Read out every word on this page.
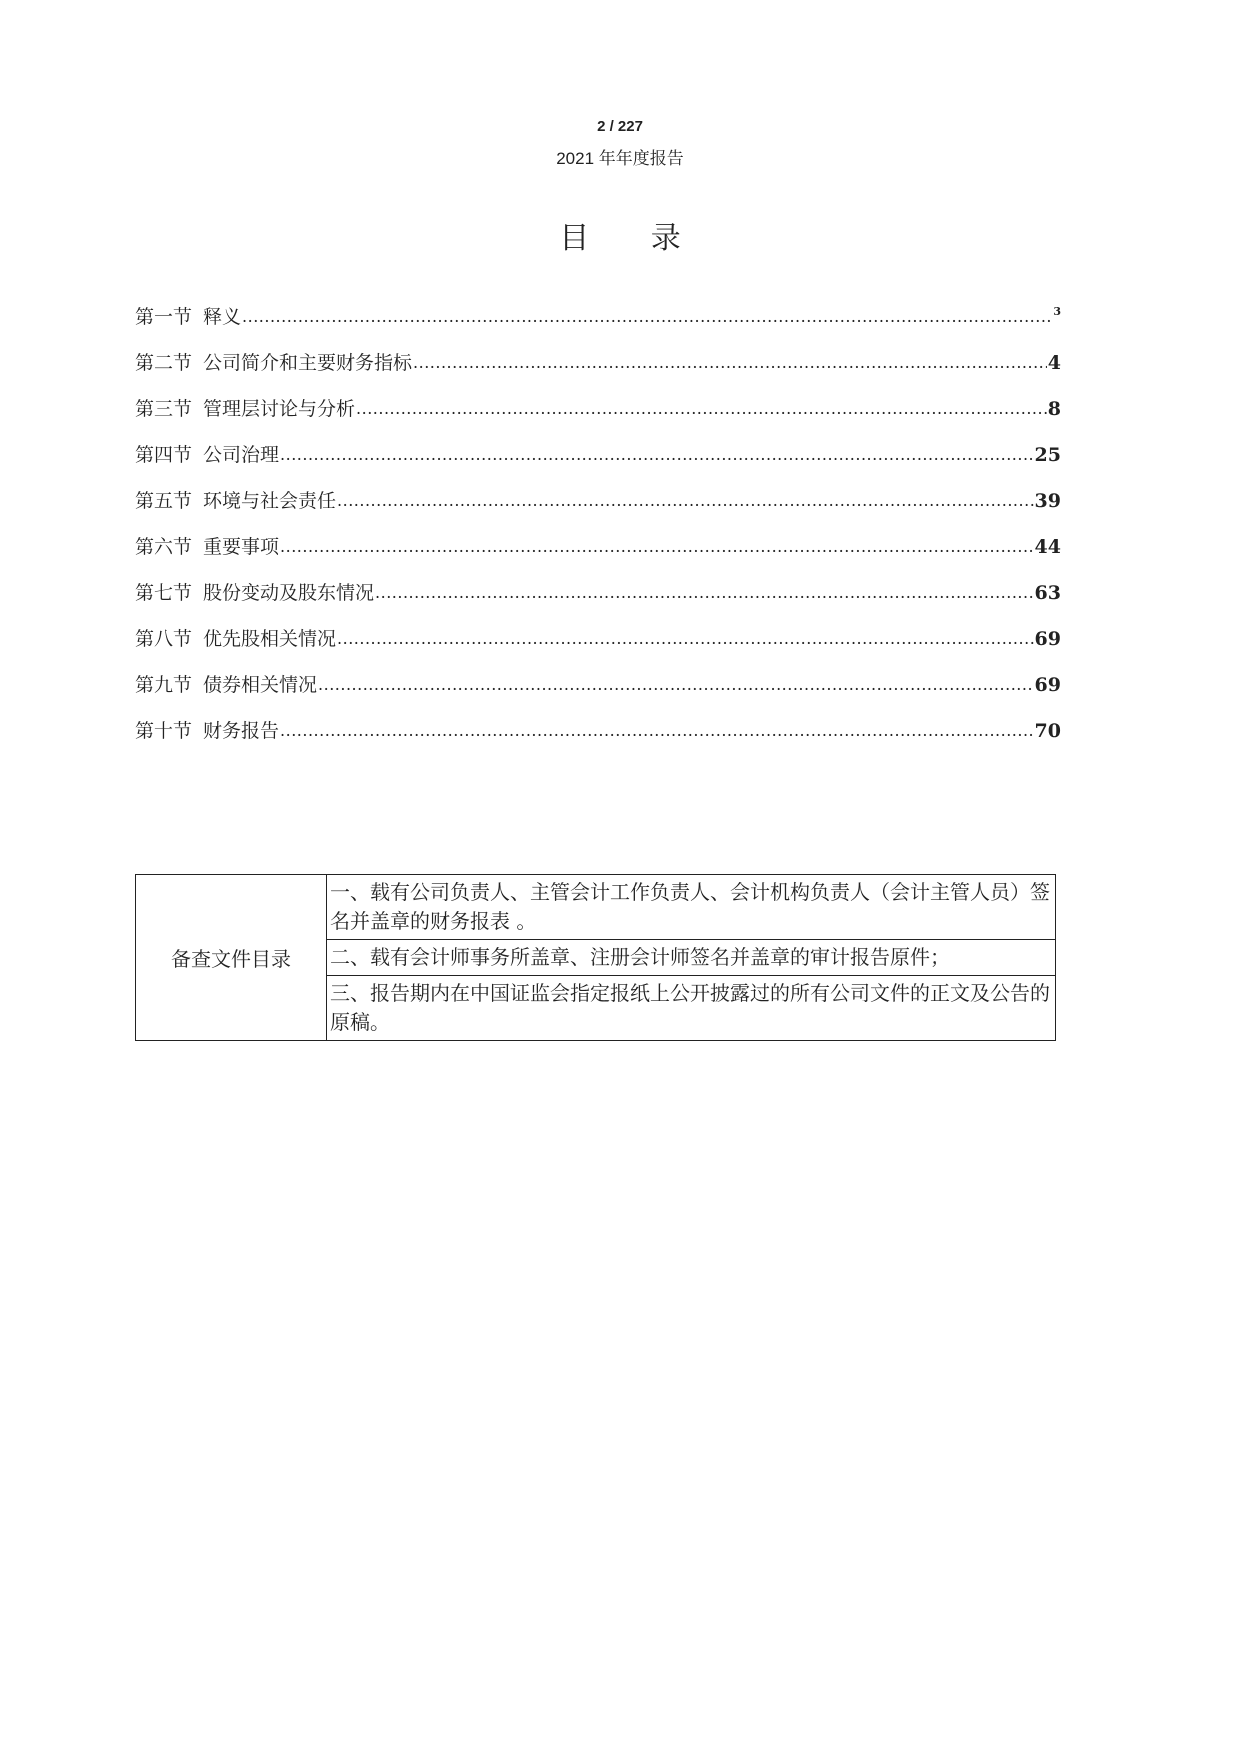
2 / 227
2021 年年度报告
目 录
第一节 释义 .....	3
第二节 公司简介和主要财务指标 .....	4
第三节 管理层讨论与分析 .....	8
第四节 公司治理 .....	25
第五节 环境与社会责任 .....	39
第六节 重要事项 .....	44
第七节 股份变动及股东情况 .....	63
第八节 优先股相关情况 .....	69
第九节 债券相关情况 .....	69
第十节 财务报告 .....	70
备查文件目录	一、载有公司负责人、主管会计工作负责人、会计机构负责人（会计主管人员）签名并盖章的财务报表 。
二、载有会计师事务所盖章、注册会计师签名并盖章的审计报告原件；
三、报告期内在中国证监会指定报纸上公开披露过的所有公司文件的正文及公告的原稿。
